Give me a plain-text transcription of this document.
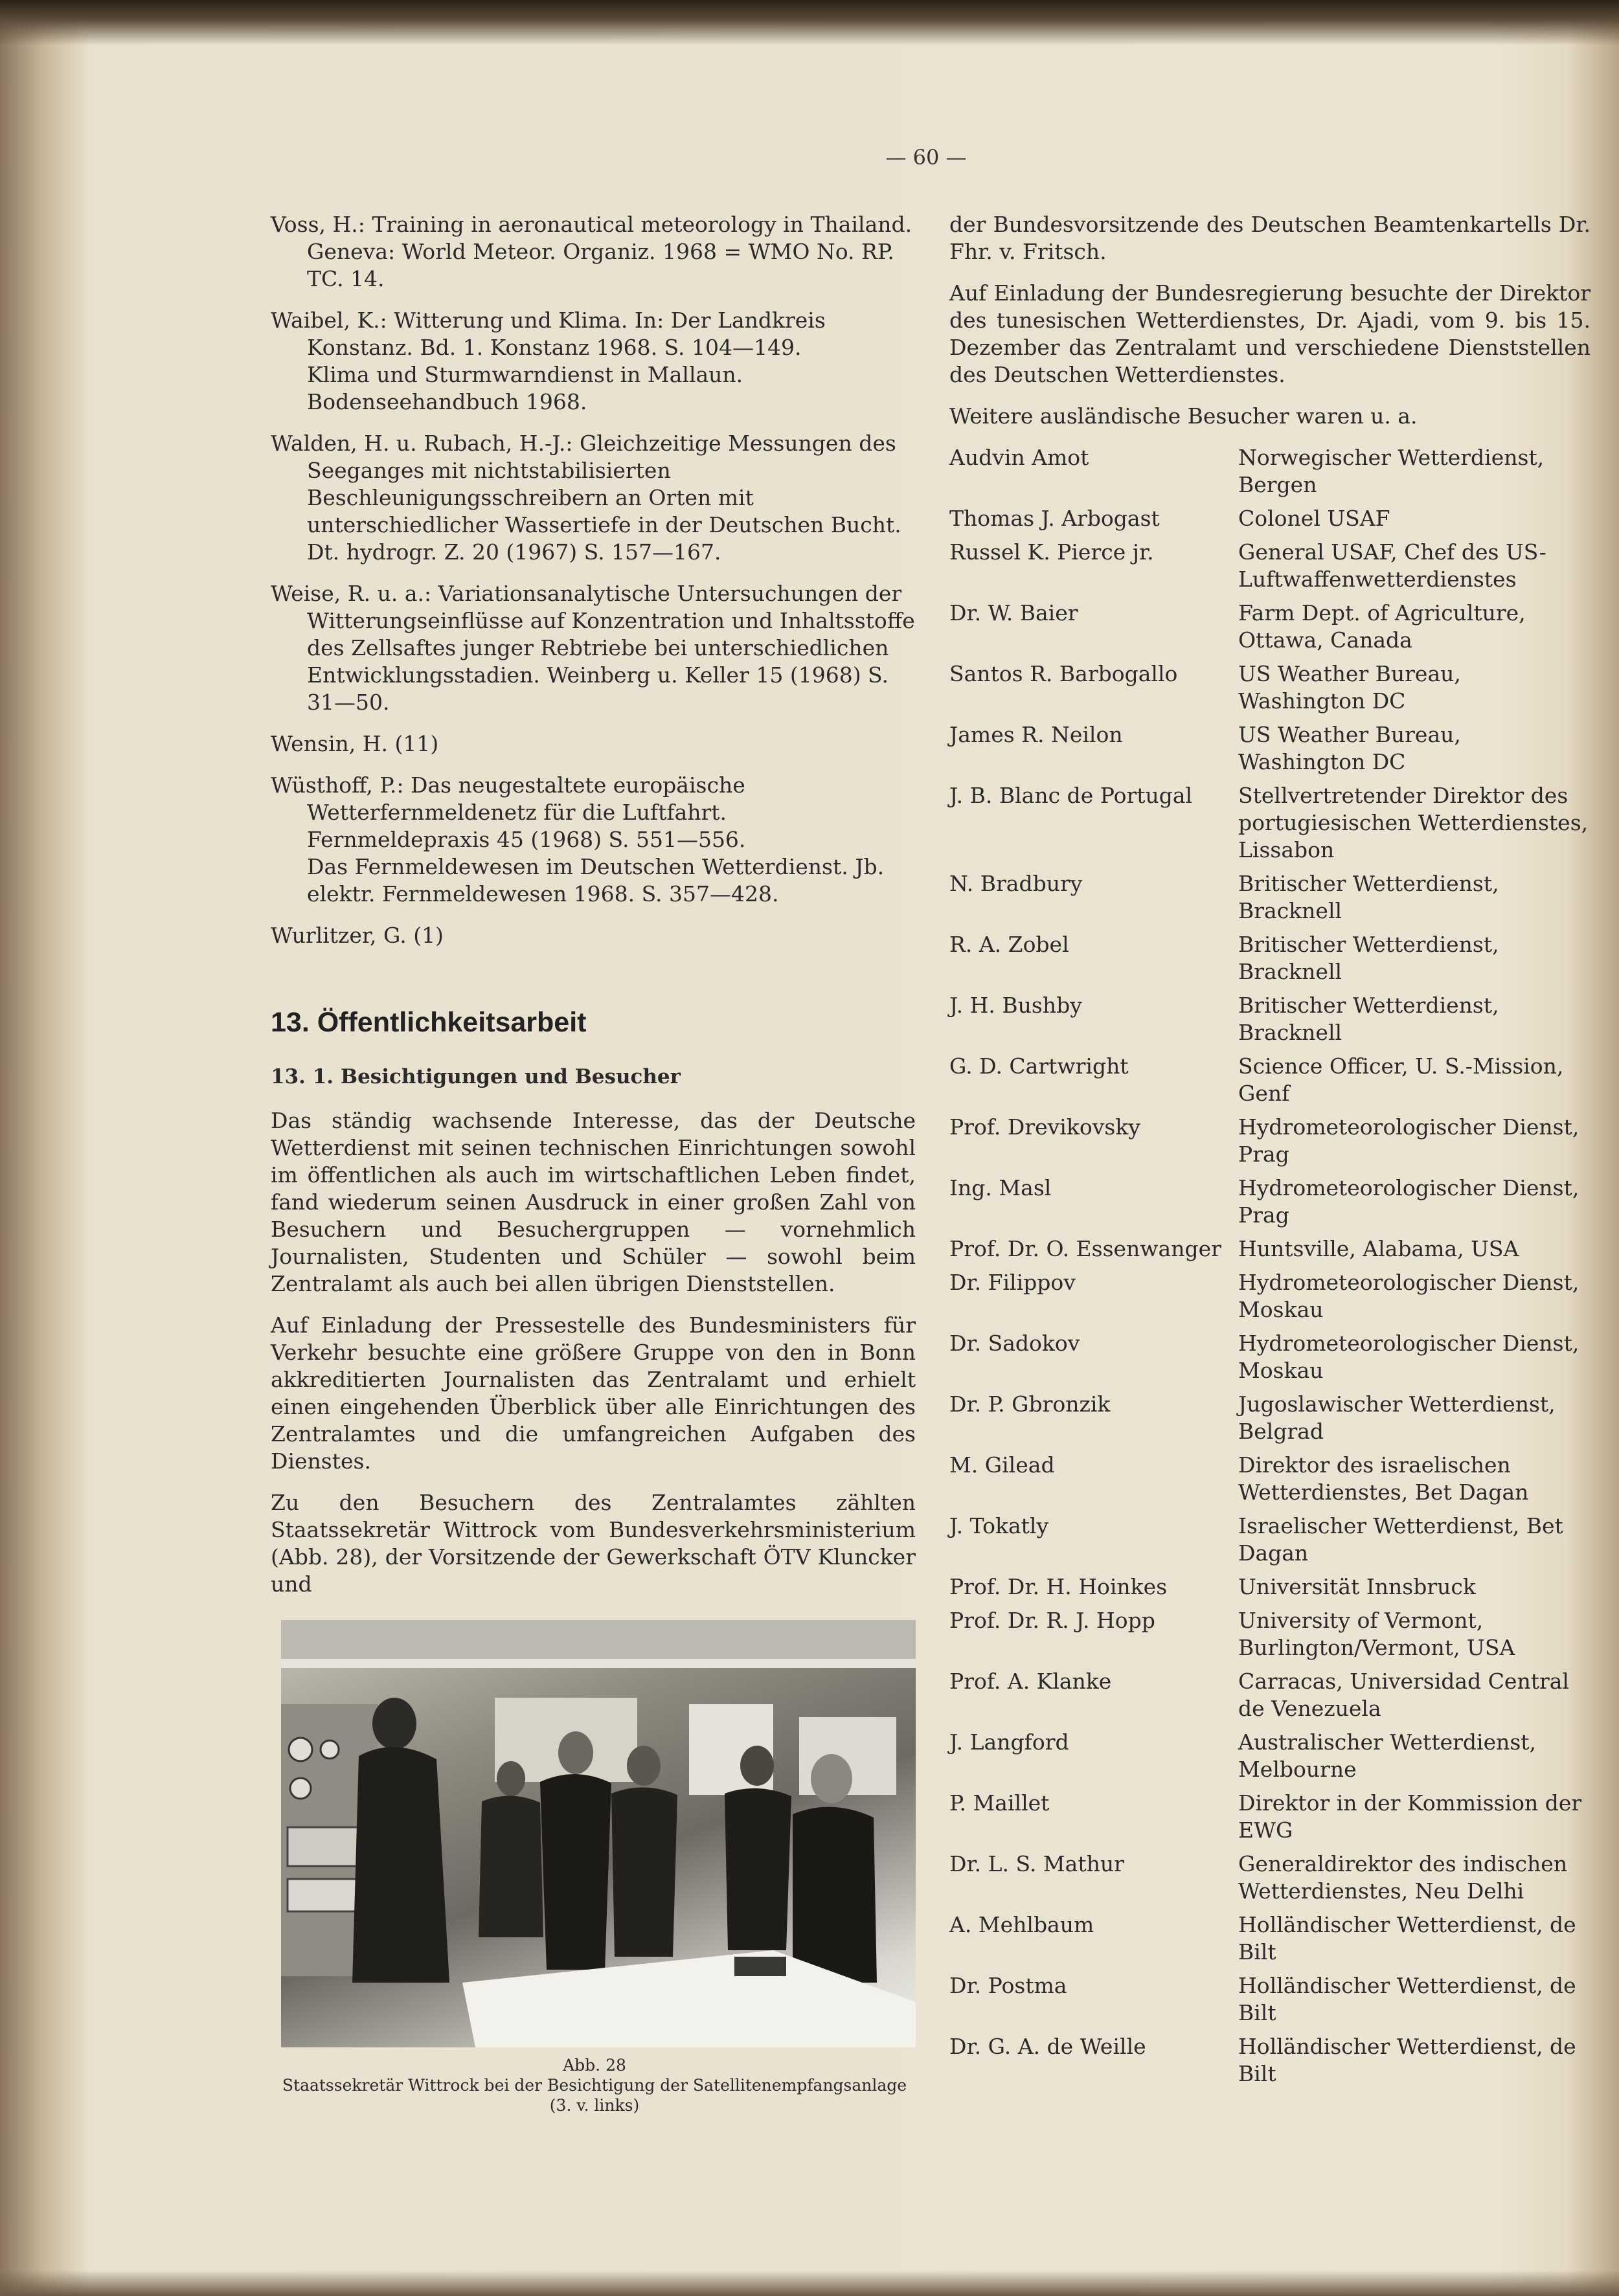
— 60 —
Voss, H.: Training in aeronautical meteorology in Thailand. Geneva: World Meteor. Organiz. 1968 = WMO No. RP. TC. 14.
Waibel, K.: Witterung und Klima. In: Der Landkreis Konstanz. Bd. 1. Konstanz 1968. S. 104—149.
Klima und Sturmwarndienst in Mallaun. Bodenseehandbuch 1968.
Walden, H. u. Rubach, H.-J.: Gleichzeitige Messungen des Seeganges mit nichtstabilisierten Beschleunigungsschreibern an Orten mit unterschiedlicher Wassertiefe in der Deutschen Bucht. Dt. hydrogr. Z. 20 (1967) S. 157—167.
Weise, R. u. a.: Variationsanalytische Untersuchungen der Witterungseinflüsse auf Konzentration und Inhaltsstoffe des Zellsaftes junger Rebtriebe bei unterschiedlichen Entwicklungsstadien. Weinberg u. Keller 15 (1968) S. 31—50.
Wensin, H. (11)
Wüsthoff, P.: Das neugestaltete europäische Wetterfernmeldenetz für die Luftfahrt. Fernmeldepraxis 45 (1968) S. 551—556.
Das Fernmeldewesen im Deutschen Wetterdienst. Jb. elektr. Fernmeldewesen 1968. S. 357—428.
Wurlitzer, G. (1)
13. Öffentlichkeitsarbeit
13. 1. Besichtigungen und Besucher

Das ständig wachsende Interesse, das der Deutsche Wetterdienst mit seinen technischen Einrichtungen sowohl im öffentlichen als auch im wirtschaftlichen Leben findet, fand wiederum seinen Ausdruck in einer großen Zahl von Besuchern und Besuchergruppen — vornehmlich Journalisten, Studenten und Schüler — sowohl beim Zentralamt als auch bei allen übrigen Dienststellen.

Auf Einladung der Pressestelle des Bundesministers für Verkehr besuchte eine größere Gruppe von den in Bonn akkreditierten Journalisten das Zentralamt und erhielt einen eingehenden Überblick über alle Einrichtungen des Zentralamtes und die umfangreichen Aufgaben des Dienstes.

Zu den Besuchern des Zentralamtes zählten Staatssekretär Wittrock vom Bundesverkehrsministerium (Abb. 28), der Vorsitzende der Gewerkschaft ÖTV Kluncker und

Abb. 28
Staatssekretär Wittrock bei der Besichtigung der Satellitenempfangsanlage (3. v. links)

der Bundesvorsitzende des Deutschen Beamtenkartells Dr. Fhr. v. Fritsch.

Auf Einladung der Bundesregierung besuchte der Direktor des tunesischen Wetterdienstes, Dr. Ajadi, vom 9. bis 15. Dezember das Zentralamt und verschiedene Dienststellen des Deutschen Wetterdienstes.

Weitere ausländische Besucher waren u. a.

Audvin Amot	Norwegischer Wetterdienst, Bergen
Thomas J. Arbogast	Colonel USAF
Russel K. Pierce jr.	General USAF, Chef des US-Luftwaffenwetterdienstes
Dr. W. Baier	Farm Dept. of Agriculture, Ottawa, Canada
Santos R. Barbogallo	US Weather Bureau, Washington DC
James R. Neilon	US Weather Bureau, Washington DC
J. B. Blanc de Portugal	Stellvertretender Direktor des portugiesischen Wetterdienstes, Lissabon
N. Bradbury	Britischer Wetterdienst, Bracknell
R. A. Zobel	Britischer Wetterdienst, Bracknell
J. H. Bushby	Britischer Wetterdienst, Bracknell
G. D. Cartwright	Science Officer, U. S.-Mission, Genf
Prof. Drevikovsky	Hydrometeorologischer Dienst, Prag
Ing. Masl	Hydrometeorologischer Dienst, Prag
Prof. Dr. O. Essenwanger Huntsville, Alabama, USA
Dr. Filippov	Hydrometeorologischer Dienst, Moskau
Dr. Sadokov	Hydrometeorologischer Dienst, Moskau
Dr. P. Gbronzik	Jugoslawischer Wetterdienst, Belgrad
M. Gilead	Direktor des israelischen Wetterdienstes, Bet Dagan
J. Tokatly	Israelischer Wetterdienst, Bet Dagan
Prof. Dr. H. Hoinkes	Universität Innsbruck
Prof. Dr. R. J. Hopp	University of Vermont, Burlington/Vermont, USA
Prof. A. Klanke	Carracas, Universidad Central de Venezuela
J. Langford	Australischer Wetterdienst, Melbourne
P. Maillet	Direktor in der Kommission der EWG
Dr. L. S. Mathur	Generaldirektor des indischen Wetterdienstes, Neu Delhi
A. Mehlbaum	Holländischer Wetterdienst, de Bilt
Dr. Postma	Holländischer Wetterdienst, de Bilt
Dr. G. A. de Weille	Holländischer Wetterdienst, de Bilt
